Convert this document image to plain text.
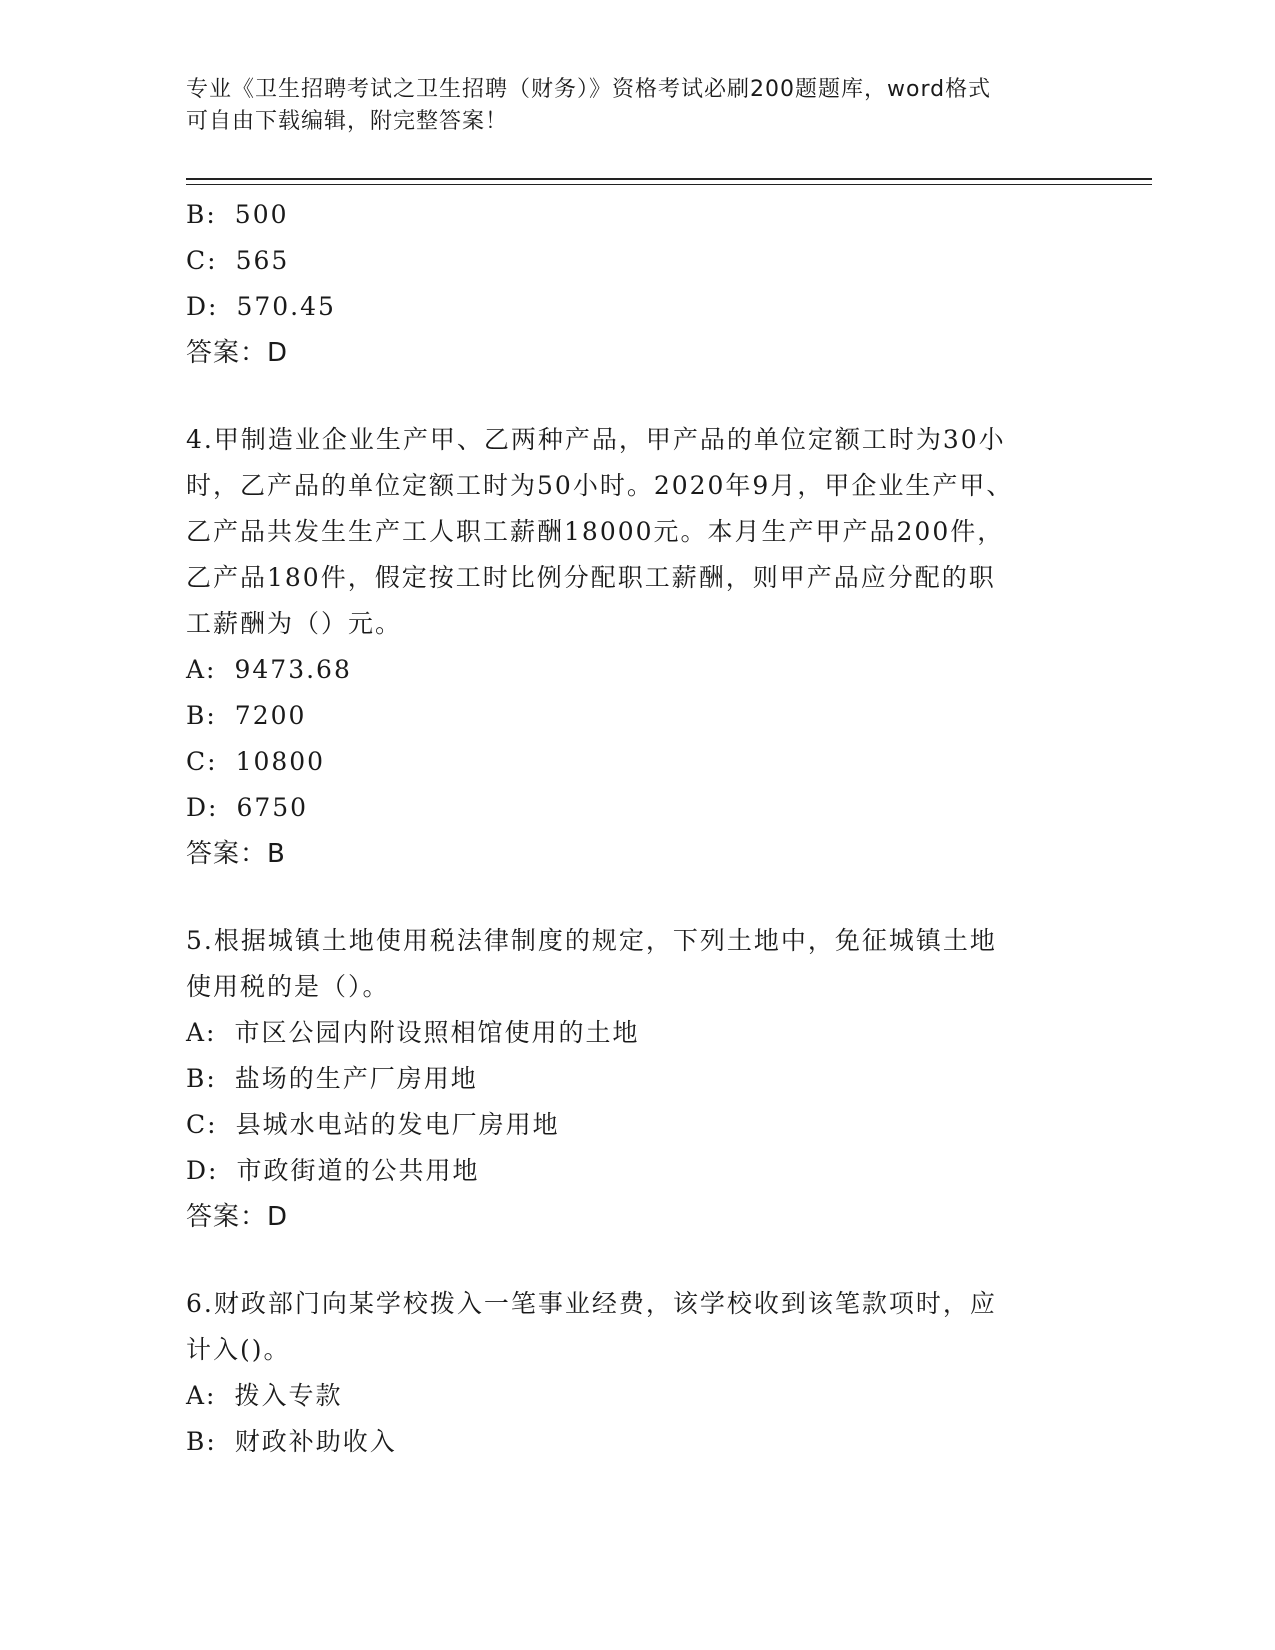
专业《卫生招聘考试之卫生招聘（财务）》资格考试必刷200题题库，word格式
可自由下载编辑，附完整答案！
B: 500
C: 565
D: 570.45
答案：D
4.甲制造业企业生产甲、乙两种产品，甲产品的单位定额工时为30小
时，乙产品的单位定额工时为50小时。2020年9月，甲企业生产甲、
乙产品共发生生产工人职工薪酬18000元。本月生产甲产品200件，
乙产品180件，假定按工时比例分配职工薪酬，则甲产品应分配的职
工薪酬为（）元。
A: 9473.68
B: 7200
C: 10800
D: 6750
答案：B
5.根据城镇土地使用税法律制度的规定，下列土地中，免征城镇土地
使用税的是（）。
A: 市区公园内附设照相馆使用的土地
B: 盐场的生产厂房用地
C: 县城水电站的发电厂房用地
D: 市政街道的公共用地
答案：D
6.财政部门向某学校拨入一笔事业经费，该学校收到该笔款项时，应
计入()。
A: 拨入专款
B: 财政补助收入
